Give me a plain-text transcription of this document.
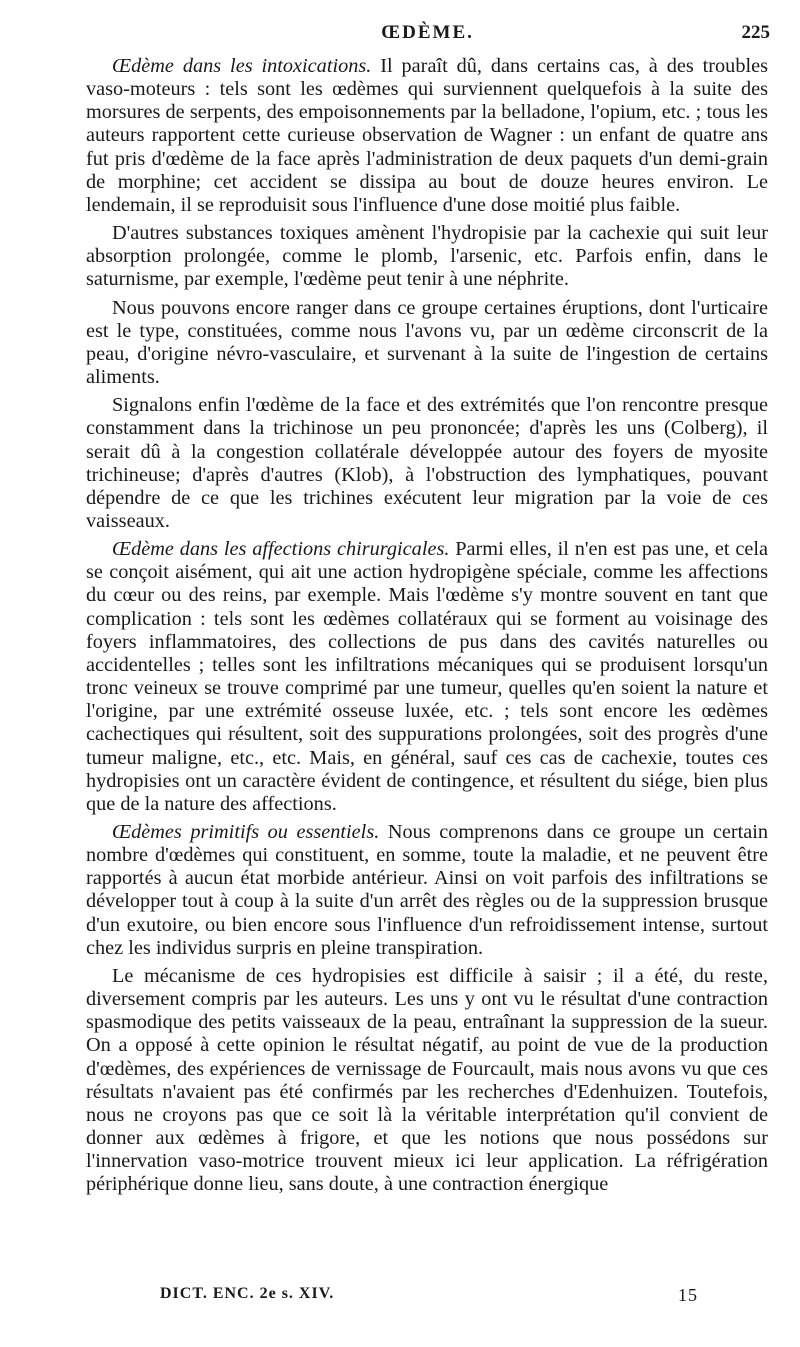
ŒDÈME.	225

Œdème dans les intoxications. Il paraît dû, dans certains cas, à des troubles vaso-moteurs : tels sont les œdèmes qui surviennent quelquefois à la suite des morsures de serpents, des empoisonnements par la belladone, l'opium, etc. ; tous les auteurs rapportent cette curieuse observation de Wagner : un enfant de quatre ans fut pris d'œdème de la face après l'administration de deux paquets d'un demi-grain de morphine; cet accident se dissipa au bout de douze heures environ. Le lendemain, il se reproduisit sous l'influence d'une dose moitié plus faible.

D'autres substances toxiques amènent l'hydropisie par la cachexie qui suit leur absorption prolongée, comme le plomb, l'arsenic, etc. Parfois enfin, dans le saturnisme, par exemple, l'œdème peut tenir à une néphrite.

Nous pouvons encore ranger dans ce groupe certaines éruptions, dont l'urticaire est le type, constituées, comme nous l'avons vu, par un œdème circonscrit de la peau, d'origine névro-vasculaire, et survenant à la suite de l'ingestion de certains aliments.

Signalons enfin l'œdème de la face et des extrémités que l'on rencontre presque constamment dans la trichinose un peu prononcée; d'après les uns (Colberg), il serait dû à la congestion collatérale développée autour des foyers de myosite trichineuse; d'après d'autres (Klob), à l'obstruction des lymphatiques, pouvant dépendre de ce que les trichines exécutent leur migration par la voie de ces vaisseaux.

Œdème dans les affections chirurgicales. Parmi elles, il n'en est pas une, et cela se conçoit aisément, qui ait une action hydropigène spéciale, comme les affections du cœur ou des reins, par exemple. Mais l'œdème s'y montre souvent en tant que complication : tels sont les œdèmes collatéraux qui se forment au voisinage des foyers inflammatoires, des collections de pus dans des cavités naturelles ou accidentelles ; telles sont les infiltrations mécaniques qui se produisent lorsqu'un tronc veineux se trouve comprimé par une tumeur, quelles qu'en soient la nature et l'origine, par une extrémité osseuse luxée, etc. ; tels sont encore les œdèmes cachectiques qui résultent, soit des suppurations prolongées, soit des progrès d'une tumeur maligne, etc., etc. Mais, en général, sauf ces cas de cachexie, toutes ces hydropisies ont un caractère évident de contingence, et résultent du siége, bien plus que de la nature des affections.

Œdèmes primitifs ou essentiels. Nous comprenons dans ce groupe un certain nombre d'œdèmes qui constituent, en somme, toute la maladie, et ne peuvent être rapportés à aucun état morbide antérieur. Ainsi on voit parfois des infiltrations se développer tout à coup à la suite d'un arrêt des règles ou de la suppression brusque d'un exutoire, ou bien encore sous l'influence d'un refroidissement intense, surtout chez les individus surpris en pleine transpiration.

Le mécanisme de ces hydropisies est difficile à saisir ; il a été, du reste, diversement compris par les auteurs. Les uns y ont vu le résultat d'une contraction spasmodique des petits vaisseaux de la peau, entraînant la suppression de la sueur. On a opposé à cette opinion le résultat négatif, au point de vue de la production d'œdèmes, des expériences de vernissage de Fourcault, mais nous avons vu que ces résultats n'avaient pas été confirmés par les recherches d'Edenhuizen. Toutefois, nous ne croyons pas que ce soit là la véritable interprétation qu'il convient de donner aux œdèmes à frigore, et que les notions que nous possédons sur l'innervation vaso-motrice trouvent mieux ici leur application. La réfrigération périphérique donne lieu, sans doute, à une contraction énergique

DICT. ENC. 2e s. XIV.	15
